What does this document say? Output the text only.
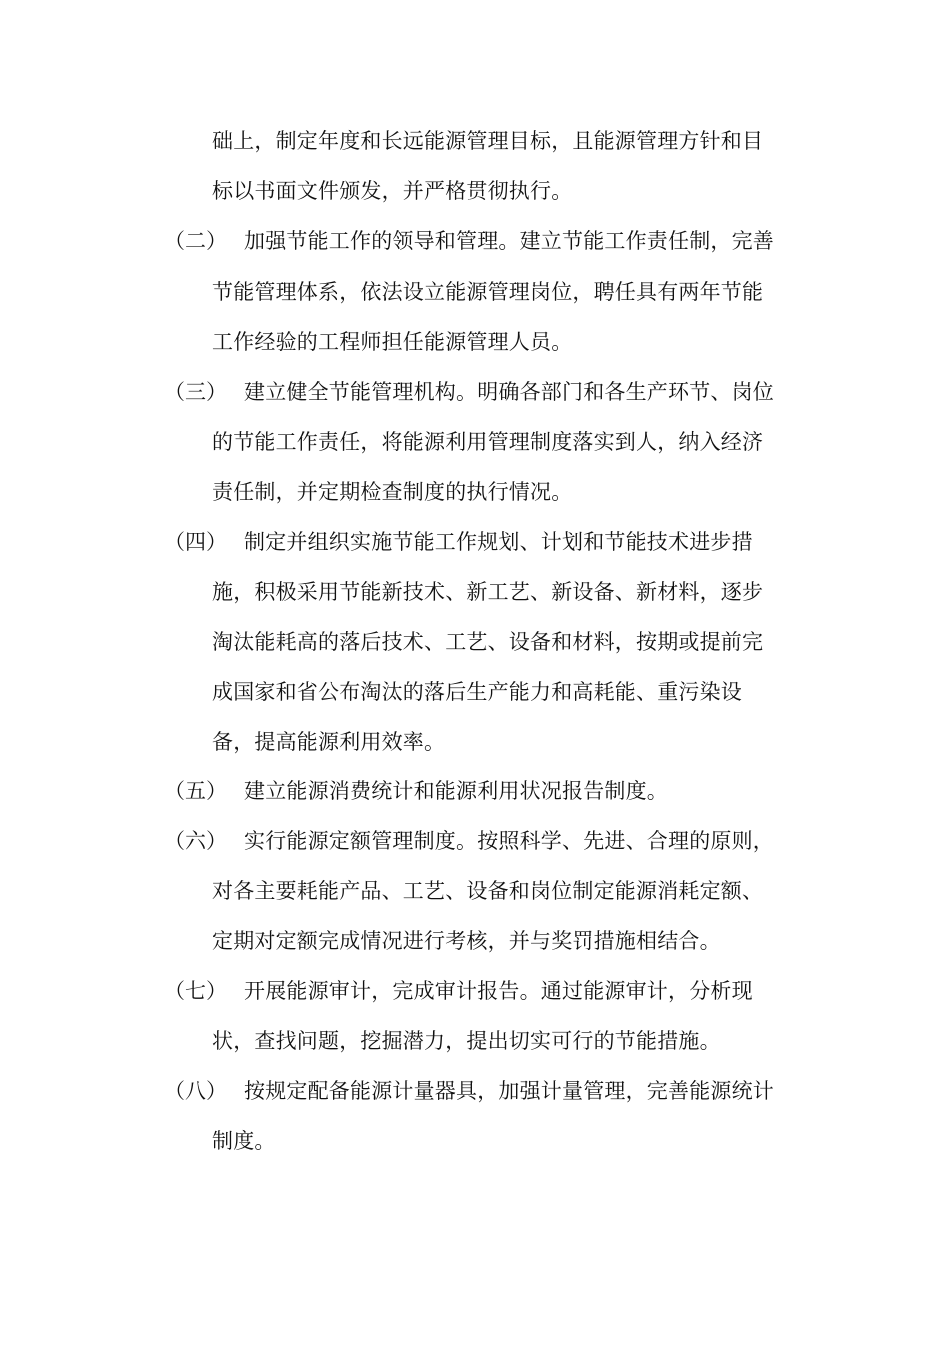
础上，制定年度和长远能源管理目标，且能源管理方针和目
标以书面文件颁发，并严格贯彻执行。
（二） 加强节能工作的领导和管理。建立节能工作责任制，完善
节能管理体系，依法设立能源管理岗位，聘任具有两年节能
工作经验的工程师担任能源管理人员。
（三） 建立健全节能管理机构。明确各部门和各生产环节、岗位
的节能工作责任，将能源利用管理制度落实到人，纳入经济
责任制，并定期检查制度的执行情况。
（四） 制定并组织实施节能工作规划、计划和节能技术进步措
施，积极采用节能新技术、新工艺、新设备、新材料，逐步
淘汰能耗高的落后技术、工艺、设备和材料，按期或提前完
成国家和省公布淘汰的落后生产能力和高耗能、重污染设
备，提高能源利用效率。
（五） 建立能源消费统计和能源利用状况报告制度。
（六） 实行能源定额管理制度。按照科学、先进、合理的原则，
对各主要耗能产品、工艺、设备和岗位制定能源消耗定额、
定期对定额完成情况进行考核，并与奖罚措施相结合。
（七） 开展能源审计，完成审计报告。通过能源审计，分析现
状，查找问题，挖掘潜力，提出切实可行的节能措施。
（八） 按规定配备能源计量器具，加强计量管理，完善能源统计
制度。
